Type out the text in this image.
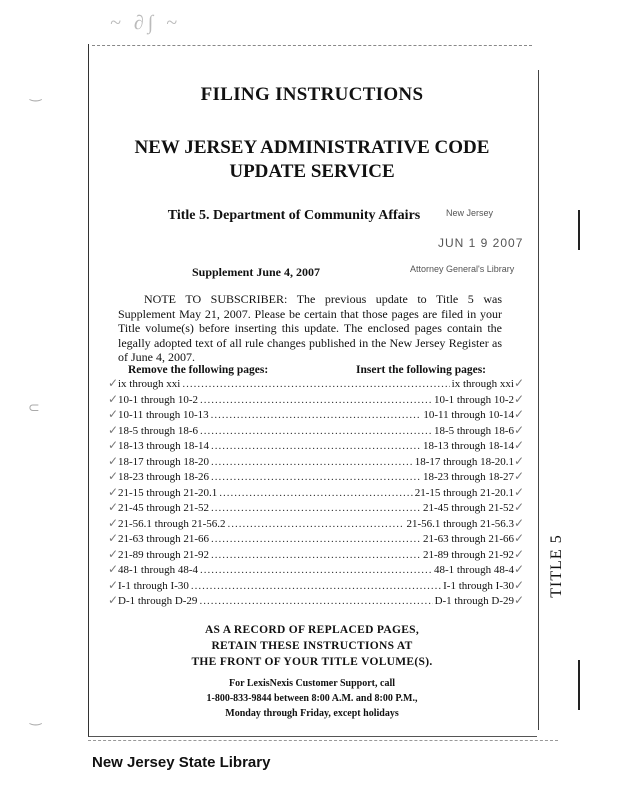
~ ∂∫ ~
‿
⊂
‿
FILING INSTRUCTIONS
NEW JERSEY ADMINISTRATIVE CODE
UPDATE SERVICE
Title 5. Department of Community Affairs	New Jersey
JUN 1 9 2007
Attorney General's Library
Supplement June 4, 2007
NOTE TO SUBSCRIBER: The previous update to Title 5 was Supplement May 21, 2007. Please be certain that those pages are filed in your Title volume(s) before inserting this update. The enclosed pages contain the legally adopted text of all rule changes published in the New Jersey Register as of June 4, 2007.
Remove the following pages:	Insert the following pages:
ix through xxi .....	ix through xxi
10-1 through 10-2 .....	10-1 through 10-2
10-11 through 10-13 .....	10-11 through 10-14
18-5 through 18-6 .....	18-5 through 18-6
18-13 through 18-14 .....	18-13 through 18-14
18-17 through 18-20 .....	18-17 through 18-20.1
18-23 through 18-26 .....	18-23 through 18-27
21-15 through 21-20.1 .....	21-15 through 21-20.1
21-45 through 21-52 .....	21-45 through 21-52
21-56.1 through 21-56.2 .....	21-56.1 through 21-56.3
21-63 through 21-66 .....	21-63 through 21-66
21-89 through 21-92 .....	21-89 through 21-92
48-1 through 48-4 .....	48-1 through 48-4
I-1 through I-30 .....	I-1 through I-30
D-1 through D-29 .....	D-1 through D-29
✓
✓
✓
✓
✓
✓
✓
✓
✓
✓
✓
✓
✓
✓
✓
✓
✓
✓
✓
✓
✓
✓
✓
✓
✓
✓
✓
✓
✓
✓
AS A RECORD OF REPLACED PAGES,
RETAIN THESE INSTRUCTIONS AT
THE FRONT OF YOUR TITLE VOLUME(S).
For LexisNexis Customer Support, call
1-800-833-9844 between 8:00 A.M. and 8:00 P.M.,
Monday through Friday, except holidays
TITLE 5
New Jersey State Library
